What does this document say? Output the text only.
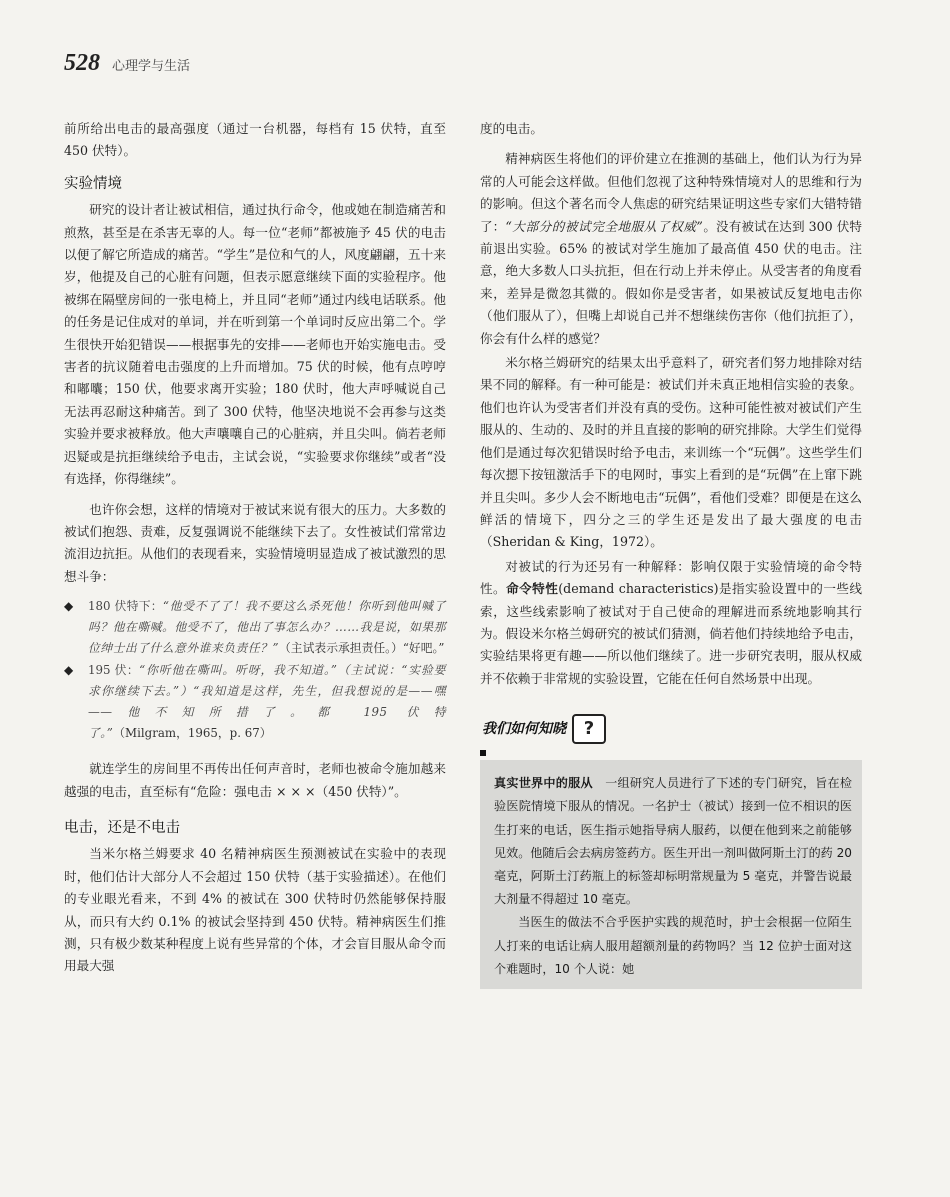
528 心理学与生活

前所给出电击的最高强度（通过一台机器，每档有 15 伏特，直至 450 伏特）。

实验情境

研究的设计者让被试相信，通过执行命令，他或她在制造痛苦和煎熬，甚至是在杀害无辜的人。每一位“老师”都被施予 45 伏的电击以便了解它所造成的痛苦。“学生”是位和气的人，风度翩翩，五十来岁，他提及自己的心脏有问题，但表示愿意继续下面的实验程序。他被绑在隔壁房间的一张电椅上，并且同“老师”通过内线电话联系。他的任务是记住成对的单词，并在听到第一个单词时反应出第二个。学生很快开始犯错误——根据事先的安排——老师也开始实施电击。受害者的抗议随着电击强度的上升而增加。75 伏的时候，他有点哼哼和嘟囔；150 伏，他要求离开实验；180 伏时，他大声呼喊说自己无法再忍耐这种痛苦。到了 300 伏特，他坚决地说不会再参与这类实验并要求被释放。他大声嚷嚷自己的心脏病，并且尖叫。倘若老师迟疑或是抗拒继续给予电击，主试会说，“实验要求你继续”或者“没有选择，你得继续”。

也许你会想，这样的情境对于被试来说有很大的压力。大多数的被试们抱怨、责难，反复强调说不能继续下去了。女性被试们常常边流泪边抗拒。从他们的表现看来，实验情境明显造成了被试激烈的思想斗争：

◆ 180 伏特下：“他受不了了！我不要这么杀死他！你听到他叫喊了吗？他在嘶喊。他受不了，他出了事怎么办？……我是说，如果那位绅士出了什么意外谁来负责任？”（主试表示承担责任。）“好吧。”
◆ 195 伏：“你听他在嘶叫。听呀，我不知道。”（主试说：“实验要求你继续下去。”）“我知道是这样，先生，但我想说的是——嘿——他不知所措了。都 195 伏特了。”（Milgram，1965，p. 67）

就连学生的房间里不再传出任何声音时，老师也被命令施加越来越强的电击，直至标有“危险：强电击 × × ×（450 伏特）”。

电击，还是不电击

当米尔格兰姆要求 40 名精神病医生预测被试在实验中的表现时，他们估计大部分人不会超过 150 伏特（基于实验描述）。在他们的专业眼光看来，不到 4% 的被试在 300 伏特时仍然能够保持服从，而只有大约 0.1% 的被试会坚持到 450 伏特。精神病医生们推测，只有极少数某种程度上说有些异常的个体，才会盲目服从命令而用最大强

度的电击。

精神病医生将他们的评价建立在推测的基础上，他们认为行为异常的人可能会这样做。但他们忽视了这种特殊情境对人的思维和行为的影响。但这个著名而令人焦虑的研究结果证明这些专家们大错特错了：“大部分的被试完全地服从了权威”。没有被试在达到 300 伏特前退出实验。65% 的被试对学生施加了最高值 450 伏的电击。注意，绝大多数人口头抗拒，但在行动上并未停止。从受害者的角度看来，差异是微忽其微的。假如你是受害者，如果被试反复地电击你（他们服从了），但嘴上却说自己并不想继续伤害你（他们抗拒了），你会有什么样的感觉？

米尔格兰姆研究的结果太出乎意料了，研究者们努力地排除对结果不同的解释。有一种可能是：被试们并未真正地相信实验的表象。他们也许认为受害者们并没有真的受伤。这种可能性被对被试们产生服从的、生动的、及时的并且直接的影响的研究排除。大学生们觉得他们是通过每次犯错误时给予电击，来训练一个“玩偶”。这些学生们每次摁下按钮激活手下的电网时，事实上看到的是“玩偶”在上窜下跳并且尖叫。多少人会不断地电击“玩偶”，看他们受难？即便是在这么鲜活的情境下，四分之三的学生还是发出了最大强度的电击（Sheridan & King，1972）。

对被试的行为还另有一种解释：影响仅限于实验情境的命令特性。命令特性(demand characteristics)是指实验设置中的一些线索，这些线索影响了被试对于自己使命的理解进而系统地影响其行为。假设米尔格兰姆研究的被试们猜测，倘若他们持续地给予电击，实验结果将更有趣——所以他们继续了。进一步研究表明，服从权威并不依赖于非常规的实验设置，它能在任何自然场景中出现。

我们如何知晓 ?

真实世界中的服从　 一组研究人员进行了下述的专门研究，旨在检验医院情境下服从的情况。一名护士（被试）接到一位不相识的医生打来的电话，医生指示她指导病人服药，以便在他到来之前能够见效。他随后会去病房签药方。医生开出一剂叫做阿斯土汀的药 20 毫克，阿斯土汀药瓶上的标签却标明常规量为 5 毫克，并警告说最大剂量不得超过 10 毫克。

当医生的做法不合乎医护实践的规范时，护士会根据一位陌生人打来的电话让病人服用超额剂量的药物吗？当 12 位护士面对这个难题时，10 个人说：她
